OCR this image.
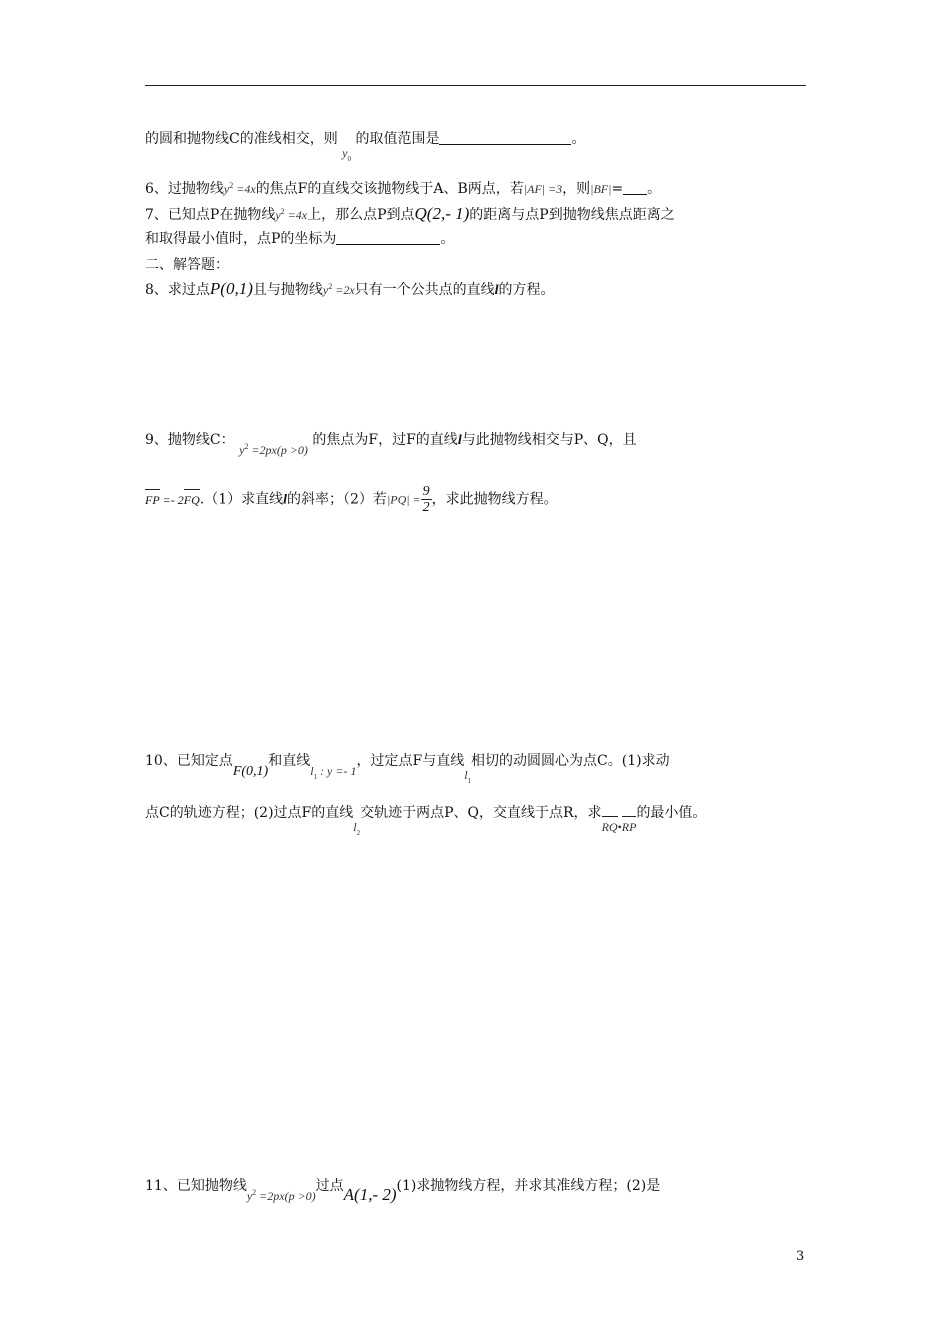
的圆和抛物线C的准线相交，则 $y_0$ 的取值范围是	。
6、过抛物线$y^2 =4x$的焦点F的直线交该抛物线于A、B两点，若|AF| =3，则|BF|= 。
7、已知点P在抛物线$y^2 =4x$上，那么点P到点Q(2,- 1)的距离与点P到抛物线焦点距离之
和取得最小值时，点P的坐标为	。
二、解答题：
8、求过点P(0,1)且与抛物线$y^2 =2x$只有一个公共点的直线l的方程。
9、抛物线C： $y^2 =2px(p >0)$ 的焦点为F，过F的直线l与此抛物线相交与P、Q，且
FP =- 2FQ.（1）求直线l的斜率；（2）若$|PQ| = \frac{9}{2}$ ，求此抛物线方程。
10、已知定点F(0,1)和直线$l_1$ : y =- 1，过定点F与直线$l_1$相切的动圆圆心为点C。(1)求动
点C的轨迹方程；(2)过点F的直线$l_2$交轨迹于两点P、Q，交直线于点R，求RQ•RP的最小值。
11、已知抛物线$y^2 =2px(p >0)$过点A(1,- 2)(1)求抛物线方程，并求其准线方程；(2)是
3
